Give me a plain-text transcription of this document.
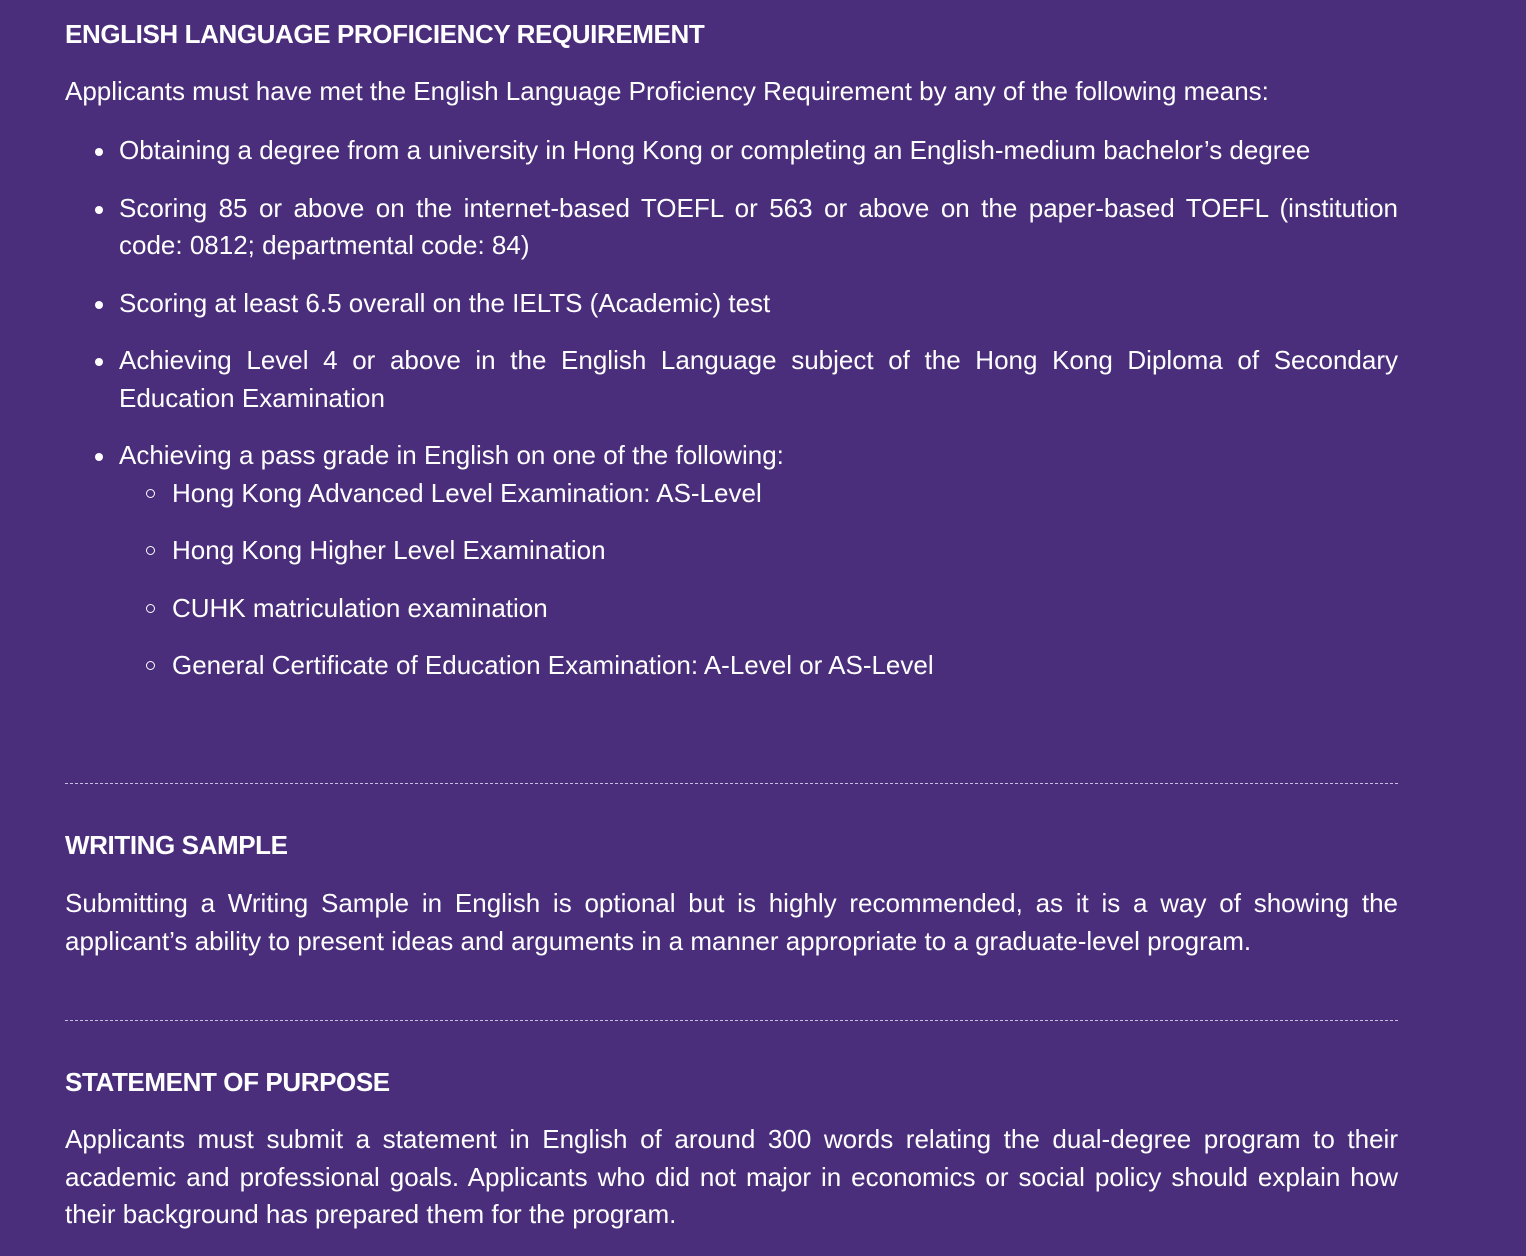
ENGLISH LANGUAGE PROFICIENCY REQUIREMENT

Applicants must have met the English Language Proficiency Requirement by any of the following means:

Obtaining a degree from a university in Hong Kong or completing an English-medium bachelor’s degree
Scoring 85 or above on the internet-based TOEFL or 563 or above on the paper-based TOEFL (institution code: 0812; departmental code: 84)
Scoring at least 6.5 overall on the IELTS (Academic) test
Achieving Level 4 or above in the English Language subject of the Hong Kong Diploma of Secondary Education Examination
Achieving a pass grade in English on one of the following:
Hong Kong Advanced Level Examination: AS-Level
Hong Kong Higher Level Examination
CUHK matriculation examination
General Certificate of Education Examination: A-Level or AS-Level
WRITING SAMPLE

Submitting a Writing Sample in English is optional but is highly recommended, as it is a way of showing the applicant’s ability to present ideas and arguments in a manner appropriate to a graduate-level program.

STATEMENT OF PURPOSE

Applicants must submit a statement in English of around 300 words relating the dual-degree program to their academic and professional goals. Applicants who did not major in economics or social policy should explain how their background has prepared them for the program.
